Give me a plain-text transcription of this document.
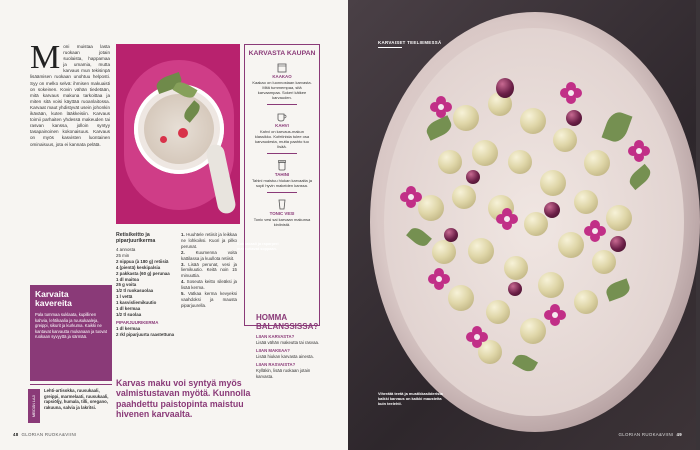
M oni muistaa lasta ruokaan jotain suolaista, happamaa ja umamia, mutta karvaus mun tekisinpä lisäämisen ruokaan unohtuu helposti. Syy on melko selvä: ihmisen makuaisti on sokeinen. Kovin vähän tiedetään, mitä karvaus makuna tarkoittaa ja miten sitä voisi käyttää ruoanlaitossa. Karvaat maut yhdistyvät usein johonkin ikävään, kuten lääkkeisiin. Karvaus toimii parhaiten yhdessä makeuden tai rasvan kanssa, jolloin syntyy tasapainoinen kokonaisuus. Karvaus on myös kasvisten luontainen ominaisuus, jota ei kannata pelätä.

Karvaita kavereita

Pala tummaa suklaata, kupillinen kahvia, lehtikaalia ja ruusukaaleja, greippi, sikurit ja kurkuma. Kaikki ne kantavat karvautta mukanaan ja tuovat ruokaan syvyyttä ja särmää.

MEIDÄN LAJI
Lehti-artisokka, ruusukaali, greippi, marmelaati, ruusukaali, rapsiöljy, humala, tilli, oregano, rakuuna, salvia ja lakritsi.
Kukkakaali ja raparperi makeuttavat soppaan.
Retisikeitto ja piparjuurikerma
4 annosta
25 min
2 nippua (à 180 g) retiisiä
4 (pientä) keskipalsia
2 pakkasta (60 g) perunaa
1 dl maitoa
25 g voita
1/2 tl ruokasuolaa
1 l vettä
1 kasvisliemikuutio
1 dl kermaa
1/2 tl suolaa
PIPARJUURIKERMA
1 dl kermaa
2 rkl piparjuurta raastettuna

1. Huuhtele retiisit ja leikkaa ne lohkoiksi. Kuori ja pilko perunat.

2. Kuumenna voita kattilassa ja kuullota retiisit.

3. Lisää perunat, vesi ja liemikuutio. Keitä noin 15 minuuttia.

4. Soseuta keitto sileäksi ja lisää kerma.

5. Vatkaa kerma kevyeksi vaahdoksi ja mausta piparjuurella.

KARVASTA KAUPAN
KAAKAO
Kaakao on luonnostaan karvasta. Mitä tummempaa, sitä karvaampaa. Sokeri kätkee karvauden.
KAHVI
Kahvi on karvaus-makun klassikko. Kofeiinista tulee osa karvaudesta, mutta paahto tuo lisää.
TAHINI
Tahini maistuu hiukan karvaalta ja sopii hyvin makeiden kanssa.
TONIC VESI
Tonic vesi sai karvaan makunsa kiniinistä.
HOMMA BALANSSISSA?
LIIAN KARVASTA?
Lisää vähän makeutta tai rasvaa.
LIIAN MAKEAA?
Lisää hiukan karvasta ainesta.
LIIAN RASVAISTA?
Kylläkin, lisää ruokaan jotain karvasta.
Karvas maku voi syntyä myös valmistustavan myötä. Kunnolla paahdettu paistopinta maistuu hivenen karvaalta.
48 GLORIAN RUOKA&VIINI
KARVAISET TEELIEMESSÄ
Vihreätä teetä ja mustikkasiiderista kaikki karvaus on kaikki mausteita kuin teelehti.
GLORIAN RUOKA&VIINI 49
